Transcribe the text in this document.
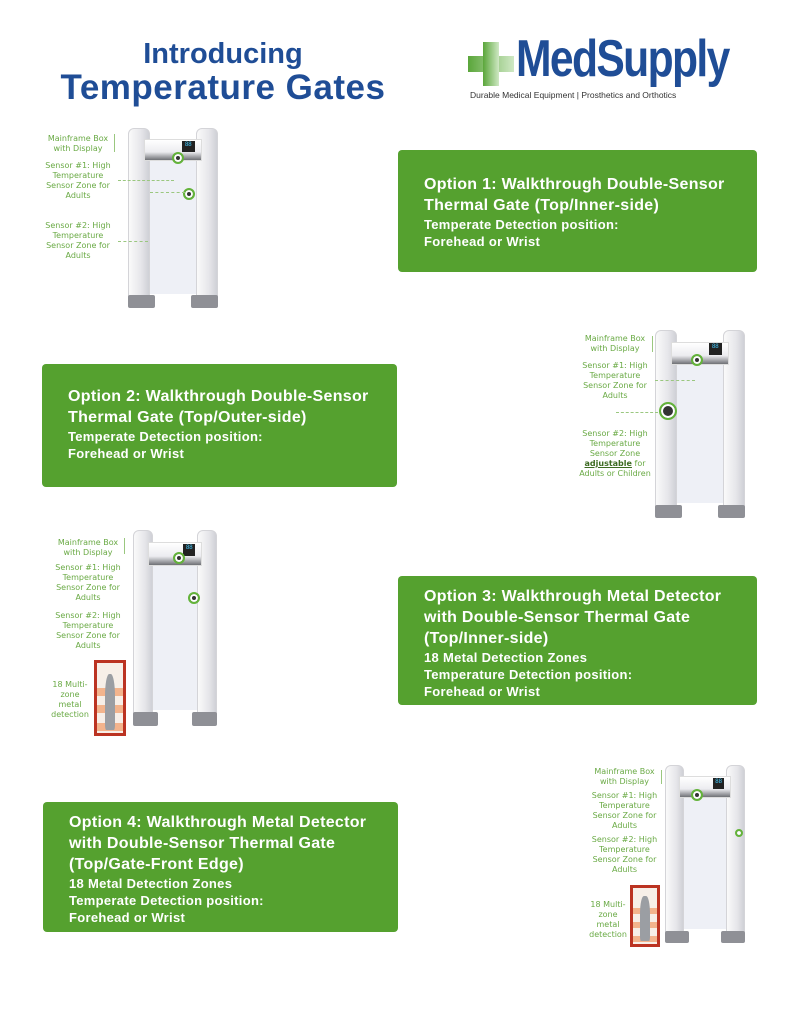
Introducing
Temperature Gates	MedSupply
Durable Medical Equipment | Prosthetics and Orthotics
Option 1: Walkthrough Double-Sensor
Thermal Gate (Top/Inner-side)
Temperate Detection position:
Forehead or Wrist
Option 2: Walkthrough Double-Sensor
Thermal Gate (Top/Outer-side)
Temperate Detection position:
Forehead or Wrist
Option 3: Walkthrough Metal Detector
with Double-Sensor Thermal Gate
(Top/Inner-side)
18 Metal Detection Zones
Temperature Detection position:
Forehead or Wrist
Option 4: Walkthrough Metal Detector
with Double-Sensor Thermal Gate
(Top/Gate-Front Edge)
18 Metal Detection Zones
Temperate Detection position:
Forehead or Wrist
88
Mainframe Box with Display
Sensor #1: High Temperature Sensor Zone for Adults
Sensor #2: High Temperature Sensor Zone for Adults
88
Mainframe Box with Display
Sensor #1: High Temperature Sensor Zone for Adults
Sensor #2: High Temperature Sensor Zone adjustable for Adults or Children
88
Mainframe Box with Display
Sensor #1: High Temperature Sensor Zone for Adults
Sensor #2: High Temperature Sensor Zone for Adults
18 Multi-zone metal detection
88
Mainframe Box with Display
Sensor #1: High Temperature Sensor Zone for Adults
Sensor #2: High Temperature Sensor Zone for Adults
18 Multi-zone metal detection
